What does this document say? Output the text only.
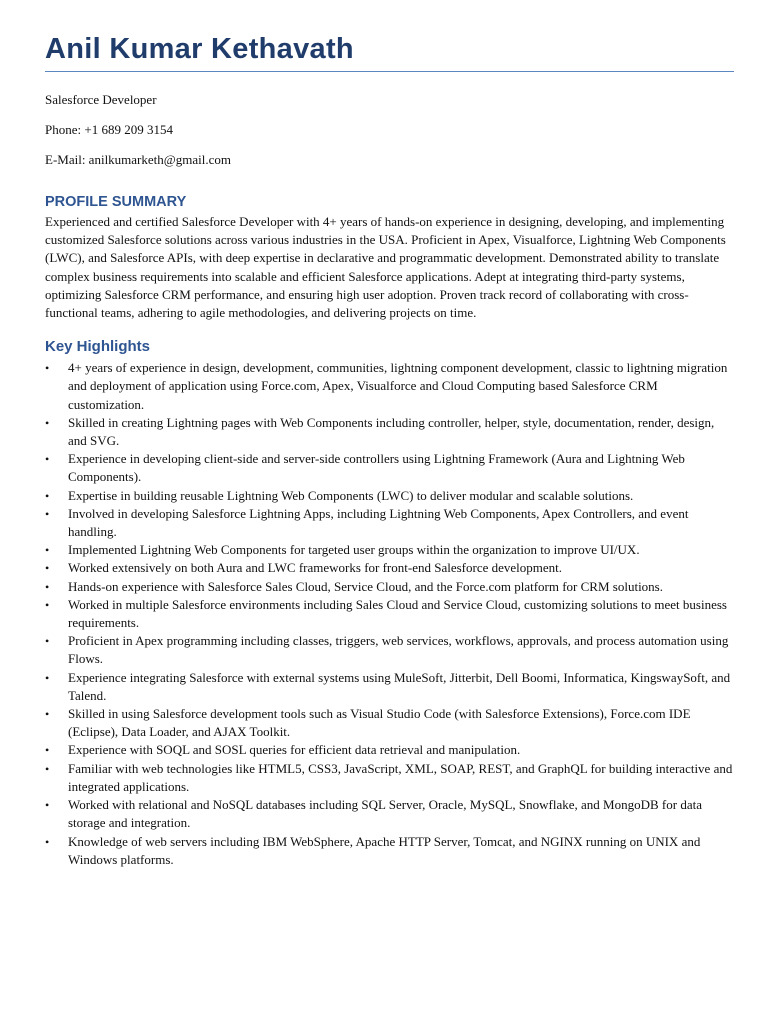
Anil Kumar Kethavath

Salesforce Developer

Phone: +1 689 209 3154

E-Mail: anilkumarketh@gmail.com

PROFILE SUMMARY

Experienced and certified Salesforce Developer with 4+ years of hands-on experience in designing, developing, and implementing customized Salesforce solutions across various industries in the USA. Proficient in Apex, Visualforce, Lightning Web Components (LWC), and Salesforce APIs, with deep expertise in declarative and programmatic development. Demonstrated ability to translate complex business requirements into scalable and efficient Salesforce applications. Adept at integrating third-party systems, optimizing Salesforce CRM performance, and ensuring high user adoption. Proven track record of collaborating with cross-functional teams, adhering to agile methodologies, and delivering projects on time.

Key Highlights
• 4+ years of experience in design, development, communities, lightning component development, classic to lightning migration and deployment of application using Force.com, Apex, Visualforce and Cloud Computing based Salesforce CRM customization.
• Skilled in creating Lightning pages with Web Components including controller, helper, style, documentation, render, design, and SVG.
• Experience in developing client-side and server-side controllers using Lightning Framework (Aura and Lightning Web Components).
• Expertise in building reusable Lightning Web Components (LWC) to deliver modular and scalable solutions.
• Involved in developing Salesforce Lightning Apps, including Lightning Web Components, Apex Controllers, and event handling.
• Implemented Lightning Web Components for targeted user groups within the organization to improve UI/UX.
• Worked extensively on both Aura and LWC frameworks for front-end Salesforce development.
• Hands-on experience with Salesforce Sales Cloud, Service Cloud, and the Force.com platform for CRM solutions.
• Worked in multiple Salesforce environments including Sales Cloud and Service Cloud, customizing solutions to meet business requirements.
• Proficient in Apex programming including classes, triggers, web services, workflows, approvals, and process automation using Flows.
• Experience integrating Salesforce with external systems using MuleSoft, Jitterbit, Dell Boomi, Informatica, KingswaySoft, and Talend.
• Skilled in using Salesforce development tools such as Visual Studio Code (with Salesforce Extensions), Force.com IDE (Eclipse), Data Loader, and AJAX Toolkit.
• Experience with SOQL and SOSL queries for efficient data retrieval and manipulation.
• Familiar with web technologies like HTML5, CSS3, JavaScript, XML, SOAP, REST, and GraphQL for building interactive and integrated applications.
• Worked with relational and NoSQL databases including SQL Server, Oracle, MySQL, Snowflake, and MongoDB for data storage and integration.
• Knowledge of web servers including IBM WebSphere, Apache HTTP Server, Tomcat, and NGINX running on UNIX and Windows platforms.
